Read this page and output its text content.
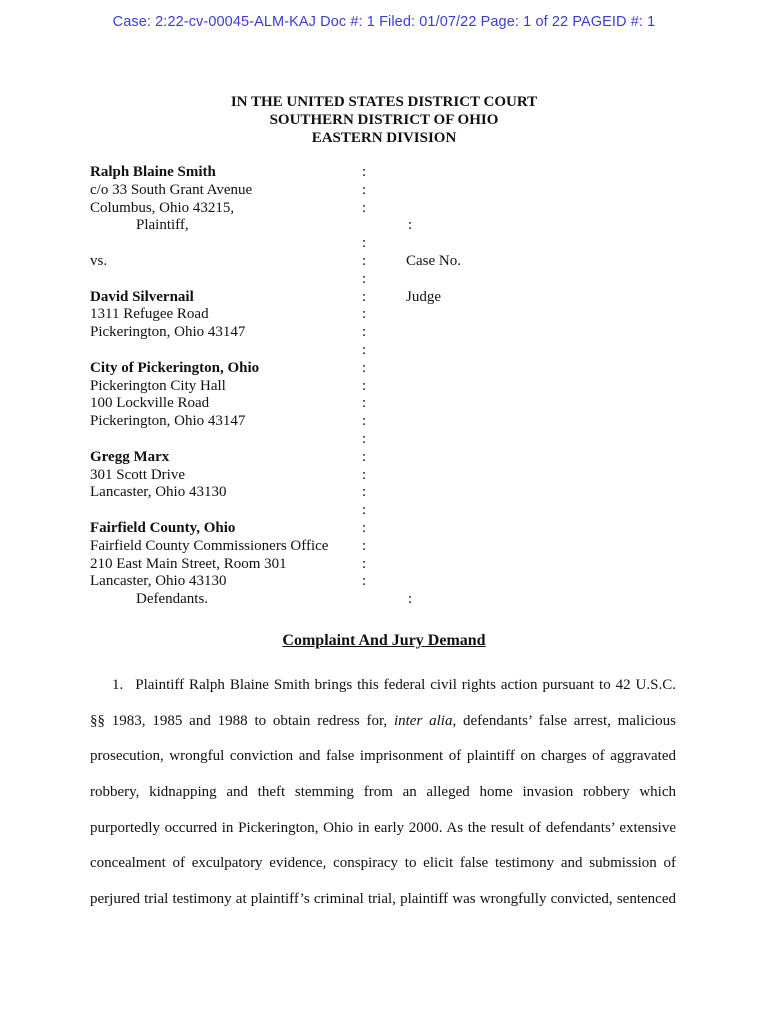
Case: 2:22-cv-00045-ALM-KAJ Doc #: 1 Filed: 01/07/22 Page: 1 of 22 PAGEID #: 1
IN THE UNITED STATES DISTRICT COURT
SOUTHERN DISTRICT OF OHIO
EASTERN DIVISION
Ralph Blaine Smith	:
c/o 33 South Grant Avenue	:
Columbus, Ohio 43215,	:
Plaintiff,	:
:
vs.	:	Case No.
:
David Silvernail	:	Judge
1311 Refugee Road	:
Pickerington, Ohio 43147	:
:
City of Pickerington, Ohio	:
Pickerington City Hall	:
100 Lockville Road	:
Pickerington, Ohio 43147	:
:
Gregg Marx	:
301 Scott Drive	:
Lancaster, Ohio 43130	:
:
Fairfield County, Ohio	:
Fairfield County Commissioners Office	:
210 East Main Street, Room 301	:
Lancaster, Ohio 43130	:
Defendants.	:
Complaint And Jury Demand
1. Plaintiff Ralph Blaine Smith brings this federal civil rights action pursuant to 42 U.S.C.
§§ 1983, 1985 and 1988 to obtain redress for, inter alia, defendants’ false arrest, malicious
prosecution, wrongful conviction and false imprisonment of plaintiff on charges of aggravated
robbery, kidnapping and theft stemming from an alleged home invasion robbery which
purportedly occurred in Pickerington, Ohio in early 2000. As the result of defendants’ extensive
concealment of exculpatory evidence, conspiracy to elicit false testimony and submission of
perjured trial testimony at plaintiff’s criminal trial, plaintiff was wrongfully convicted, sentenced
